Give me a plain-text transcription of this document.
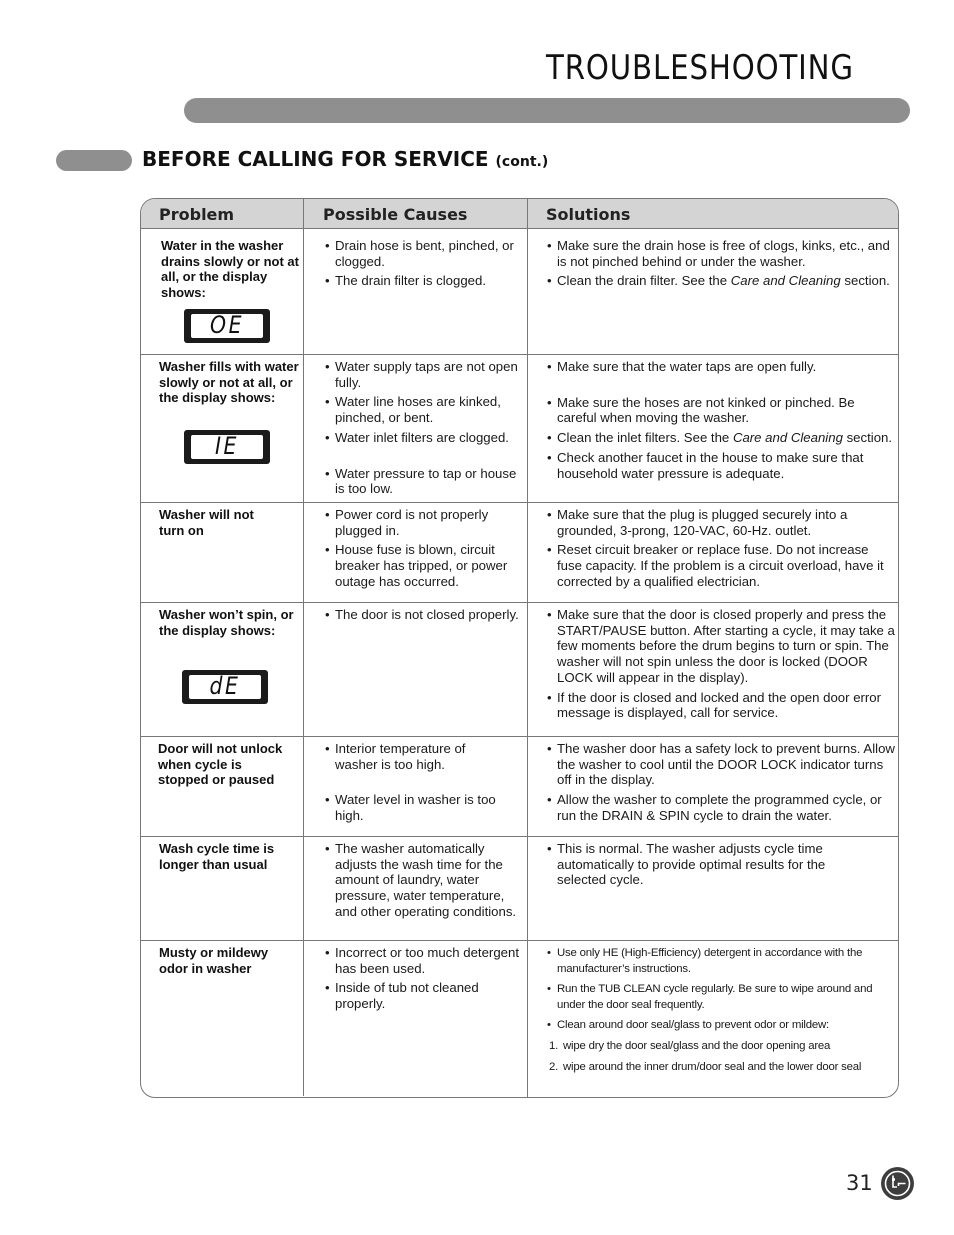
TROUBLESHOOTING
BEFORE CALLING FOR SERVICE (cont.)
Problem	Possible Causes	Solutions
Water in the washer drains slowly or not at all, or the display shows:
OE
• Drain hose is bent, pinched, or clogged.
• The drain filter is clogged.
• Make sure the drain hose is free of clogs, kinks, etc., and is not pinched behind or under the washer.
• Clean the drain filter. See the Care and Cleaning section.
Washer fills with water slowly or not at all, or the display shows:
IE
• Water supply taps are not open fully.
• Water line hoses are kinked, pinched, or bent.
• Water inlet filters are clogged.
• Water pressure to tap or house is too low.
• Make sure that the water taps are open fully.
• Make sure the hoses are not kinked or pinched. Be careful when moving the washer.
• Clean the inlet filters. See the Care and Cleaning section.
• Check another faucet in the house to make sure that household water pressure is adequate.
Washer will not turn on
• Power cord is not properly plugged in.
• House fuse is blown, circuit breaker has tripped, or power outage has occurred.
• Make sure that the plug is plugged securely into a grounded, 3-prong, 120-VAC, 60-Hz. outlet.
• Reset circuit breaker or replace fuse. Do not increase fuse capacity. If the problem is a circuit overload, have it corrected by a qualified electrician.
Washer won’t spin, or the display shows:
dE
• The door is not closed properly.
•	Make sure that the door is closed properly and press the START/PAUSE button. After starting a cycle, it may take a few moments before the drum begins to turn or spin. The washer will not spin unless the door is locked (DOOR LOCK will appear in the display).
• If the door is closed and locked and the open door error message is displayed, call for service.
Door will not unlock when cycle is stopped or paused
• Interior temperature of washer is too high.
• Water level in washer is too high.
• The washer door has a safety lock to prevent burns. Allow the washer to cool until the DOOR LOCK indicator turns off in the display.
• Allow the washer to complete the programmed cycle, or run the DRAIN & SPIN cycle to drain the water.
Wash cycle time is longer than usual
• The washer automatically adjusts the wash time for the amount of laundry, water pressure, water temperature, and other operating conditions.
• This is normal. The washer adjusts cycle time automatically to provide optimal results for the selected cycle.
Musty or mildewy odor in washer
• Incorrect or too much detergent has been used.
• Inside of tub not cleaned properly.
• Use only HE (High-Efficiency) detergent in accordance with the manufacturer’s instructions.
• Run the TUB CLEAN cycle regularly. Be sure to wipe around and under the door seal frequently.
• Clean around door seal/glass to prevent odor or mildew:
1. wipe dry the door seal/glass and the door opening area
2. wipe around the inner drum/door seal and the lower door seal
31
